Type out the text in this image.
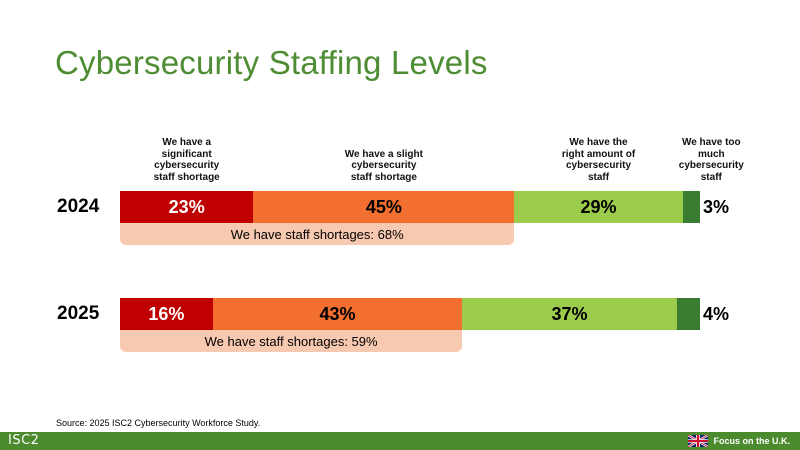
Cybersecurity Staffing Levels
We have a
significant
cybersecurity
staff shortage
We have a slight
cybersecurity
staff shortage
We have the
right amount of
cybersecurity
staff
We have too
much
cybersecurity
staff
2024	23%	45%	29%	3%
We have staff shortages: 68%
2025	16%	43%	37%	4%
We have staff shortages: 59%
Source: 2025 ISC2 Cybersecurity Workforce Study.
ISC2	Focus on the U.K.
